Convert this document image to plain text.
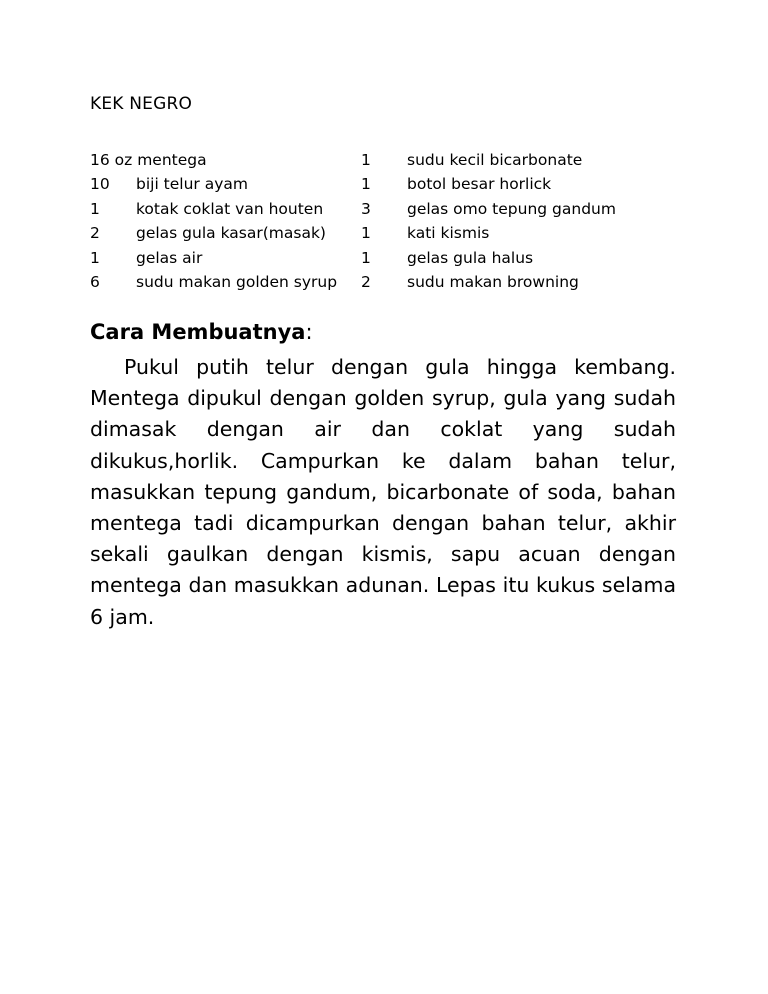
KEK NEGRO
16 oz mentega
10 biji telur ayam
1 kotak coklat van houten
2 gelas gula kasar(masak)
1 gelas air
6 sudu makan golden syrup
1 sudu kecil bicarbonate
1 botol besar horlick
3 gelas omo tepung gandum
1 kati kismis
1 gelas gula halus
2 sudu makan browning
Cara Membuatnya:

Pukul putih telur dengan gula hingga kembang. Mentega dipukul dengan golden syrup, gula yang sudah dimasak dengan air dan coklat yang sudah dikukus,horlik. Campurkan ke dalam bahan telur, masukkan tepung gandum, bicarbonate of soda, bahan mentega tadi dicampurkan dengan bahan telur, akhir sekali gaulkan dengan kismis, sapu acuan dengan mentega dan masukkan adunan. Lepas itu kukus selama 6 jam.
